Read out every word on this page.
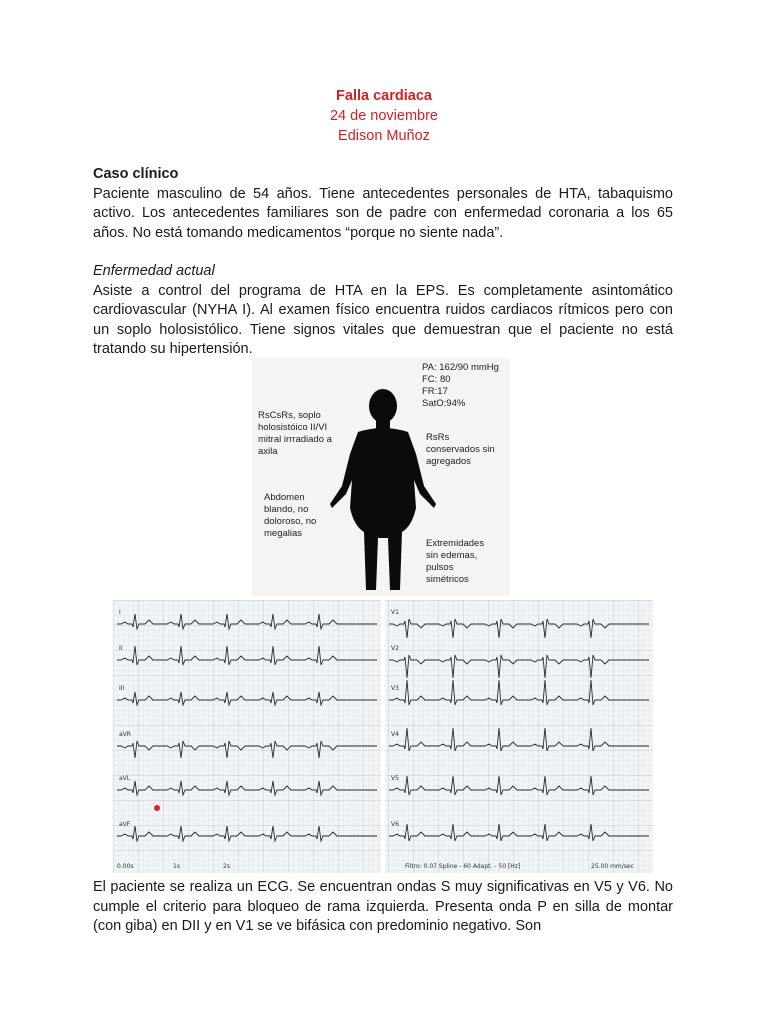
Falla cardiaca
24 de noviembre
Edison Muñoz
Caso clínico
Paciente masculino de 54 años. Tiene antecedentes personales de HTA, tabaquismo activo. Los antecedentes familiares son de padre con enfermedad coronaria a los 65 años. No está tomando medicamentos “porque no siente nada”.
Enfermedad actual
Asiste a control del programa de HTA en la EPS. Es completamente asintomático cardiovascular (NYHA I). Al examen físico encuentra ruidos cardiacos rítmicos pero con un soplo holosistólico. Tiene signos vitales que demuestran que el paciente no está tratando su hipertensión.
PA: 162/90 mmHg
FC: 80
FR:17
SatO:94%
RsCsRs, soplo
holosistóico II/VI
mitral irrradiado a
axila
RsRs
conservados sin
agregados
Abdomen
blando, no
doloroso, no
megalias
Extremidades
sin edemas,
pulsos
simétricos
I
II
III
aVR
aVL
aVF
V1
V2
V3
V4
V5
V6
0.00s	1s	2s	Filtro: 0.07 Spline - 60 Adapt. - 50 [Hz]	25.00 mm/sec
El paciente se realiza un ECG. Se encuentran ondas S muy significativas en V5 y V6. No cumple el criterio para bloqueo de rama izquierda. Presenta onda P en silla de montar (con giba) en DII y en V1 se ve bifásica con predominio negativo. Son
